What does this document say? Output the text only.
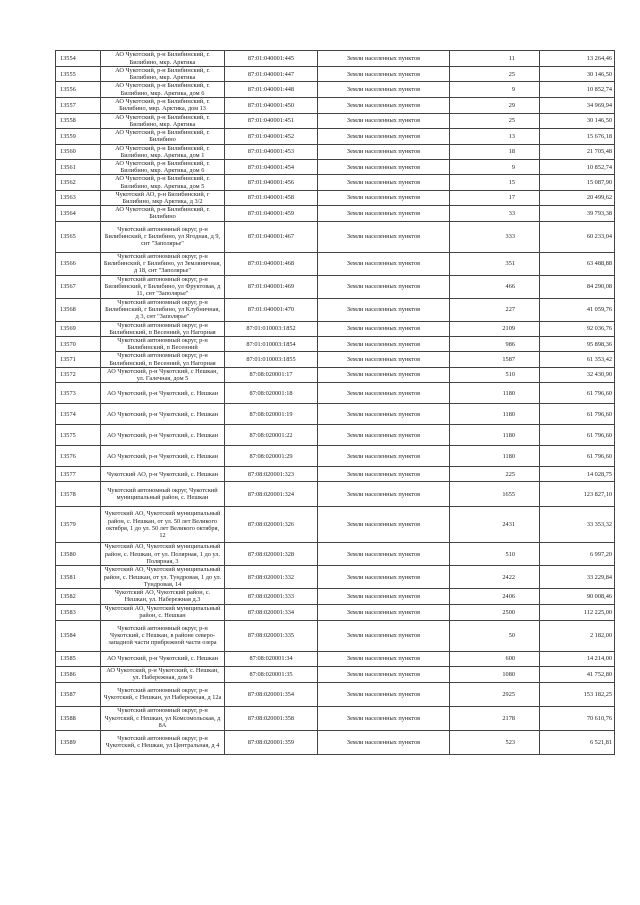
13554	АО Чукотский, р-н Билибинский, г. Билибино, мкр. Арктика	87:01:040001:445	Земли населенных пунктов	11	13 264,46
13555	АО Чукотский, р-н Билибинский, г. Билибино, мкр. Арктика	87:01:040001:447	Земли населенных пунктов	25	30 146,50
13556	АО Чукотский, р-н Билибинский, г. Билибино, мкр. Арктика, дом 6	87:01:040001:448	Земли населенных пунктов	9	10 852,74
13557	АО Чукотский, р-н Билибинский, г. Билибино, мкр. Арктика, дом 13	87:01:040001:450	Земли населенных пунктов	29	34 969,94
13558	АО Чукотский, р-н Билибинский, г. Билибино, мкр. Арктика	87:01:040001:451	Земли населенных пунктов	25	30 146,50
13559	АО Чукотский, р-н Билибинский, г. Билибино	87:01:040001:452	Земли населенных пунктов	13	15 676,18
13560	АО Чукотский, р-н Билибинский, г. Билибино, мкр. Арктика, дом 1	87:01:040001:453	Земли населенных пунктов	18	21 705,48
13561	АО Чукотский, р-н Билибинский, г. Билибино, мкр. Арктика, дом 6	87:01:040001:454	Земли населенных пунктов	9	10 852,74
13562	АО Чукотский, р-н Билибинский, г. Билибино, мкр. Арктика, дом 5	87:01:040001:456	Земли населенных пунктов	15	15 087,90
13563	Чукотский АО, р-н Билибинский, г Билибино, мкр Арктика, д 3/2	87:01:040001:458	Земли населенных пунктов	17	20 499,62
13564	АО Чукотский, р-н Билибинский, г. Билибино	87:01:040001:459	Земли населенных пунктов	33	39 793,38
13565	Чукотский автономный округ, р-н Билибинский, г Билибино, ул Ягодная, д 9, снт "Заполярье"	87:01:040001:467	Земли населенных пунктов	333	60 233,04
13566	Чукотский автономный округ, р-н Билибинский, г Билибино, ул Земляничная, д 18, снт "Заполярье"	87:01:040001:468	Земли населенных пунктов	351	63 488,88
13567	Чукотский автономный округ, р-н Билибинский, г Билибино, ул Фруктовая, д 11, снт "Заполярье"	87:01:040001:469	Земли населенных пунктов	466	84 290,08
13568	Чукотский автономный округ, р-н Билибинский, г Билибино, ул Клубничная, д 3, снт "Заполярье"	87:01:040001:470	Земли населенных пунктов	227	41 059,76
13569	Чукотский автономный округ, р-н Билибинский, п Весенний, ул Нагорная	87:01:010003:1852	Земли населенных пунктов	2109	92 036,76
13570	Чукотский автономный округ, р-н Билибинский, п Весенний	87:01:010003:1854	Земли населенных пунктов	986	95 898,36
13571	Чукотский автономный округ, р-н Билибинский, п Весенний, ул Нагорная	87:01:010003:1855	Земли населенных пунктов	1587	61 353,42
13572	АО Чукотский, р-н Чукотский, с Нешкан, ул. Галечная, дом 5	87:08:020001:17	Земли населенных пунктов	510	32 430,90
13573	АО Чукотский, р-н Чукотский, с. Нешкан	87:08:020001:18	Земли населенных пунктов	1180	61 796,60
13574	АО Чукотский, р-н Чукотский, с. Нешкан	87:08:020001:19	Земли населенных пунктов	1180	61 796,60
13575	АО Чукотский, р-н Чукотский, с. Нешкан	87:08:020001:22	Земли населенных пунктов	1180	61 796,60
13576	АО Чукотский, р-н Чукотский, с. Нешкан	87:08:020001:29	Земли населенных пунктов	1180	61 796,60
13577	Чукотский АО, р-н Чукотский, с. Нешкан	87:08:020001:323	Земли населенных пунктов	225	14 028,75
13578	Чукотский автономный округ, Чукотский муниципальный район, с. Нешкан	87:08:020001:324	Земли населенных пунктов	1655	123 827,10
13579	Чукотский АО, Чукотский муниципальный район, с. Нешкан, от ул. 50 лет Великого октября, 1 до ул. 50 лет Великого октября, 12	87:08:020001:326	Земли населенных пунктов	2431	33 353,32
13580	Чукотский АО, Чукотский муниципальный район, с. Нешкан, от ул. Полярная, 1 до ул. Полярная, 3	87:08:020001:328	Земли населенных пунктов	510	6 997,20
13581	Чукотский АО, Чукотский муниципальный район, с. Нешкан, от ул. Тундровая, 1 до ул. Тундровая, 14	87:08:020001:332	Земли населенных пунктов	2422	33 229,84
13582	Чукотский АО, Чукотский район, с. Нешкан, ул. Набережная д.3	87:08:020001:333	Земли населенных пунктов	2406	90 008,46
13583	Чукотский АО, Чукотский муниципальный район, с. Нешкан	87:08:020001:334	Земли населенных пунктов	2500	112 225,00
13584	Чукотский автономный округ, р-н Чукотский, с Нешкан, в районе северо-западной части прибрежной части озера	87:08:020001:335	Земли населенных пунктов	50	2 182,00
13585	АО Чукотский, р-н Чукотский, с. Нешкан	87:08:020001:34	Земли населенных пунктов	600	14 214,00
13586	АО Чукотский, р-н Чукотский, с. Нешкан, ул. Набережная, дом 9	87:08:020001:35	Земли населенных пунктов	1080	41 752,80
13587	Чукотский автономный округ, р-н Чукотский, с Нешкан, ул Набережная, д 12а	87:08:020001:354	Земли населенных пунктов	2925	153 182,25
13588	Чукотский автономный округ, р-н Чукотский, с Нешкан, ул Комсомольская, д 8А	87:08:020001:358	Земли населенных пунктов	2178	70 610,76
13589	Чукотский автономный округ, р-н Чукотский, с Нешкан, ул Центральная, д 4	87:08:020001:359	Земли населенных пунктов	523	6 521,81
